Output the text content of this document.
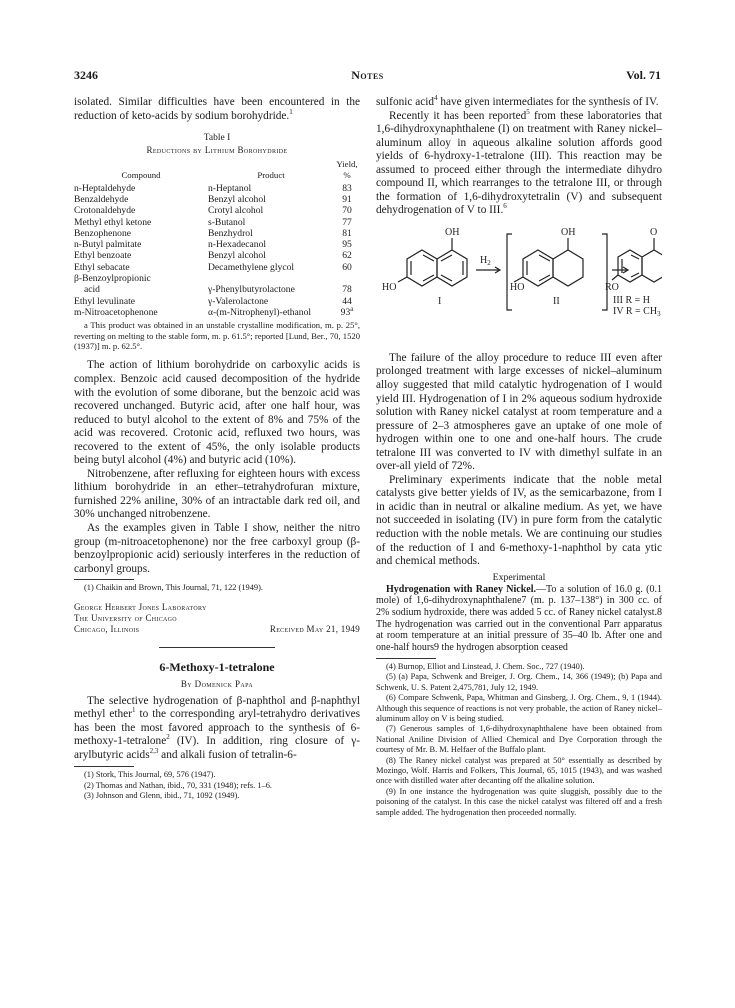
3246	Notes	Vol. 71

isolated. Similar difficulties have been encountered in the reduction of keto-acids by sodium borohydride.$^1$

Table I
Reductions by Lithium Borohydride
Compound	Product	Yield,
%
n-Heptaldehyde	n-Heptanol	83
Benzaldehyde	Benzyl alcohol	91
Crotonaldehyde	Crotyl alcohol	70
Methyl ethyl ketone	s-Butanol	77
Benzophenone	Benzhydrol	81
n-Butyl palmitate	n-Hexadecanol	95
Ethyl benzoate	Benzyl alcohol	62
Ethyl sebacate	Decamethylene glycol	60
β-Benzoylpropionic		
acid	γ-Phenylbutyrolactone	78
Ethyl levulinate	γ-Valerolactone	44
m-Nitroacetophenone	α-(m-Nitrophenyl)-ethanol	93$^a$
a This product was obtained in an unstable crystalline modification, m. p. 25°, reverting on melting to the stable form, m. p. 61.5°; reported [Lund, Ber., 70, 1520 (1937)] m. p. 62.5°.

The action of lithium borohydride on carboxylic acids is complex. Benzoic acid caused decomposition of the hydride with the evolution of some diborane, but the benzoic acid was recovered unchanged. Butyric acid, after one half hour, was reduced to butyl alcohol to the extent of 8% and 75% of the acid was recovered. Crotonic acid, refluxed two hours, was recovered to the extent of 45%, the only isolable products being butyl alcohol (4%) and butyric acid (10%).

Nitrobenzene, after refluxing for eighteen hours with excess lithium borohydride in an ether–tetrahydrofuran mixture, furnished 22% aniline, 30% of an intractable dark red oil, and 30% unchanged nitrobenzene.

As the examples given in Table I show, neither the nitro group (m-nitroacetophenone) nor the free carboxyl group (β-benzoylpropionic acid) seriously interferes in the reduction of carbonyl groups.

(1) Chaikin and Brown, This Journal, 71, 122 (1949).

George Herbert Jones Laboratory
The University of Chicago
Chicago, Illinois	Received May 21, 1949
6-Methoxy-1-tetralone
By Domenick Papa

The selective hydrogenation of β-naphthol and β-naphthyl methyl ether$^1$ to the corresponding aryl-tetrahydro derivatives has been the most favored approach to the synthesis of 6-methoxy-1-tetralone$^2$ (IV). In addition, ring closure of γ-arylbutyric acids$^{2,3}$ and alkali fusion of tetralin-6-

(1) Stork, This Journal, 69, 576 (1947).

(2) Thomas and Nathan, ibid., 70, 331 (1948); refs. 1–6.

(3) Johnson and Glenn, ibid., 71, 1092 (1949).

sulfonic acid$^4$ have given intermediates for the synthesis of IV.

Recently it has been reported$^5$ from these laboratories that 1,6-dihydroxynaphthalene (I) on treatment with Raney nickel–aluminum alloy in aqueous alkaline solution affords good yields of 6-hydroxy-1-tetralone (III). This reaction may be assumed to proceed either through the intermediate dihydro compound II, which rearranges to the tetralone III, or through the formation of 1,6-dihydroxytetralin (V) and subsequent dehydrogenation of V to III.$^6$

OH
HO
$H_2$
OH
HO
O
RO
I	II	III R = H
IV $R = CH_3$

The failure of the alloy procedure to reduce III even after prolonged treatment with large excesses of nickel–aluminum alloy suggested that mild catalytic hydrogenation of I would yield III. Hydrogenation of I in 2% aqueous sodium hydroxide solution with Raney nickel catalyst at room temperature and a pressure of 2–3 atmospheres gave an uptake of one mole of hydrogen within one to one and one-half hours. The crude tetralone III was converted to IV with dimethyl sulfate in an over-all yield of 72%.

Preliminary experiments indicate that the noble metal catalysts give better yields of IV, as the semicarbazone, from I in acidic than in neutral or alkaline medium. As yet, we have not succeeded in isolating (IV) in pure form from the catalytic reduction with the noble metals. We are continuing our studies of the reduction of I and 6-methoxy-1-naphthol by cata ytic and chemical methods.

Experimental

Hydrogenation with Raney Nickel.—To a solution of 16.0 g. (0.1 mole) of 1,6-dihydroxynaphthalene7 (m. p. 137–138°) in 300 cc. of 2% sodium hydroxide, there was added 5 cc. of Raney nickel catalyst.8 The hydrogenation was carried out in the conventional Parr apparatus at room temperature at an initial pressure of 35–40 lb. After one and one-half hours9 the hydrogen absorption ceased

(4) Burnop, Elliot and Linstead, J. Chem. Soc., 727 (1940).

(5) (a) Papa, Schwenk and Breiger, J. Org. Chem., 14, 366 (1949); (b) Papa and Schwenk, U. S. Patent 2,475,781, July 12, 1949.

(6) Compare Schwenk, Papa, Whitman and Ginsberg, J. Org. Chem., 9, 1 (1944). Although this sequence of reactions is not very probable, the action of Raney nickel–aluminum alloy on V is being studied.

(7) Generous samples of 1,6-dihydroxynaphthalene have been obtained from National Aniline Division of Allied Chemical and Dye Corporation through the courtesy of Mr. B. M. Helfaer of the Buffalo plant.

(8) The Raney nickel catalyst was prepared at 50° essentially as described by Mozingo, Wolf. Harris and Folkers, This Journal, 65, 1015 (1943), and was washed once with distilled water after decanting off the alkaline solution.

(9) In one instance the hydrogenation was quite sluggish, possibly due to the poisoning of the catalyst. In this case the nickel catalyst was filtered off and a fresh sample added. The hydrogenation then proceeded normally.
